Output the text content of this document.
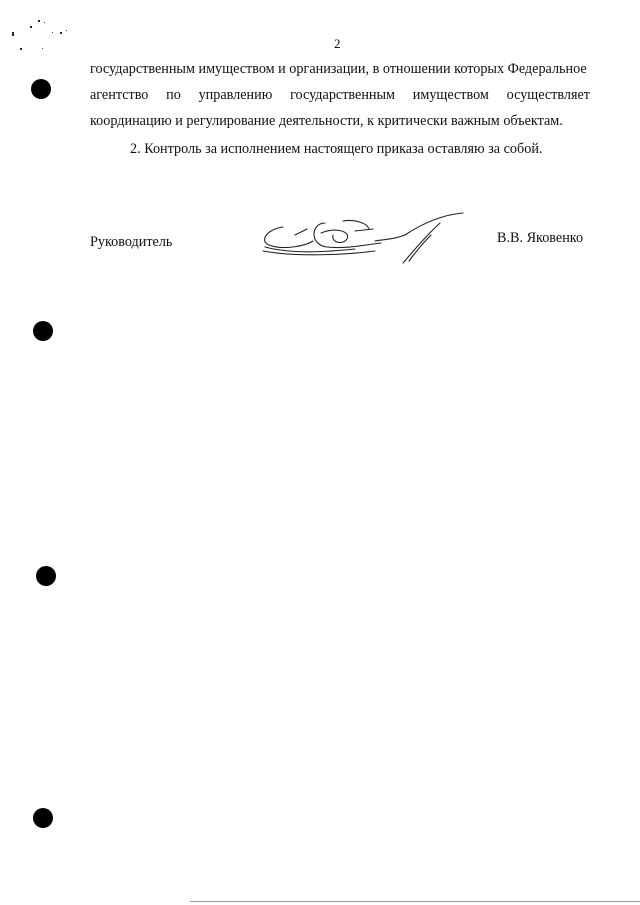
2
государственным имуществом и организации, в отношении которых Федеральное
агентство по управлению государственным имуществом осуществляет
координацию и регулирование деятельности, к критически важным объектам.
2. Контроль за исполнением настоящего приказа оставляю за собой.
Руководитель	В.В. Яковенко
